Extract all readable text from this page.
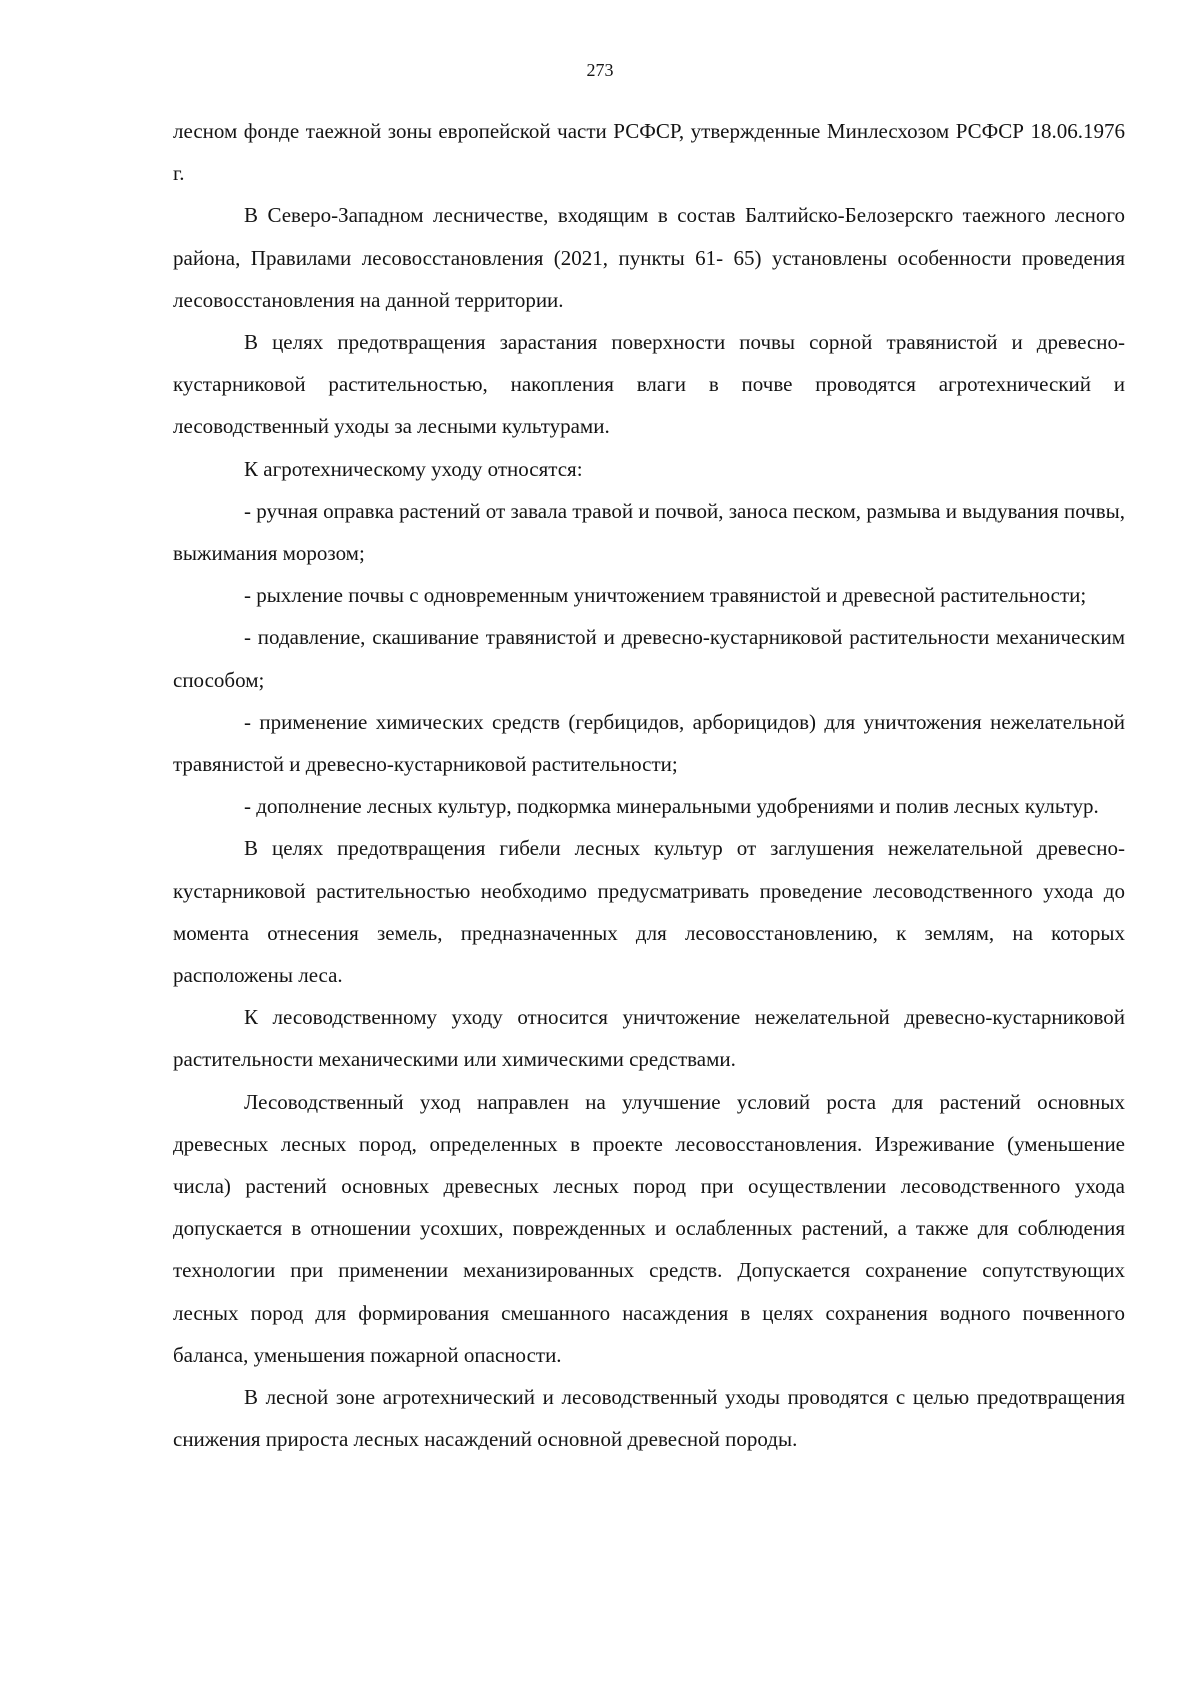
273

лесном фонде таежной зоны европейской части РСФСР, утвержденные Минлесхозом РСФСР 18.06.1976 г.

В Северо-Западном лесничестве, входящим в состав Балтийско-Белозерскго таежного лесного района, Правилами лесовосстановления (2021, пункты 61- 65) установлены особенности проведения лесовосстановления на данной территории.

В целях предотвращения зарастания поверхности почвы сорной травянистой и древесно-кустарниковой растительностью, накопления влаги в почве проводятся агротехнический и лесоводственный уходы за лесными культурами.

К агротехническому уходу относятся:

- ручная оправка растений от завала травой и почвой, заноса песком, размыва и выдувания почвы, выжимания морозом;

- рыхление почвы с одновременным уничтожением травянистой и древесной растительности;

- подавление, скашивание травянистой и древесно-кустарниковой растительности механическим способом;

- применение химических средств (гербицидов, арборицидов) для уничтожения нежелательной травянистой и древесно-кустарниковой растительности;

- дополнение лесных культур, подкормка минеральными удобрениями и полив лесных культур.

В целях предотвращения гибели лесных культур от заглушения нежелательной древесно-кустарниковой растительностью необходимо предусматривать проведение лесоводственного ухода до момента отнесения земель, предназначенных для лесовосстановлению, к землям, на которых расположены леса.

К лесоводственному уходу относится уничтожение нежелательной древесно-кустарниковой растительности механическими или химическими средствами.

Лесоводственный уход направлен на улучшение условий роста для растений основных древесных лесных пород, определенных в проекте лесовосстановления. Изреживание (уменьшение числа) растений основных древесных лесных пород при осуществлении лесоводственного ухода допускается в отношении усохших, поврежденных и ослабленных растений, а также для соблюдения технологии при применении механизированных средств. Допускается сохранение сопутствующих лесных пород для формирования смешанного насаждения в целях сохранения водного почвенного баланса, уменьшения пожарной опасности.

В лесной зоне агротехнический и лесоводственный уходы проводятся с целью предотвращения снижения прироста лесных насаждений основной древесной породы.
